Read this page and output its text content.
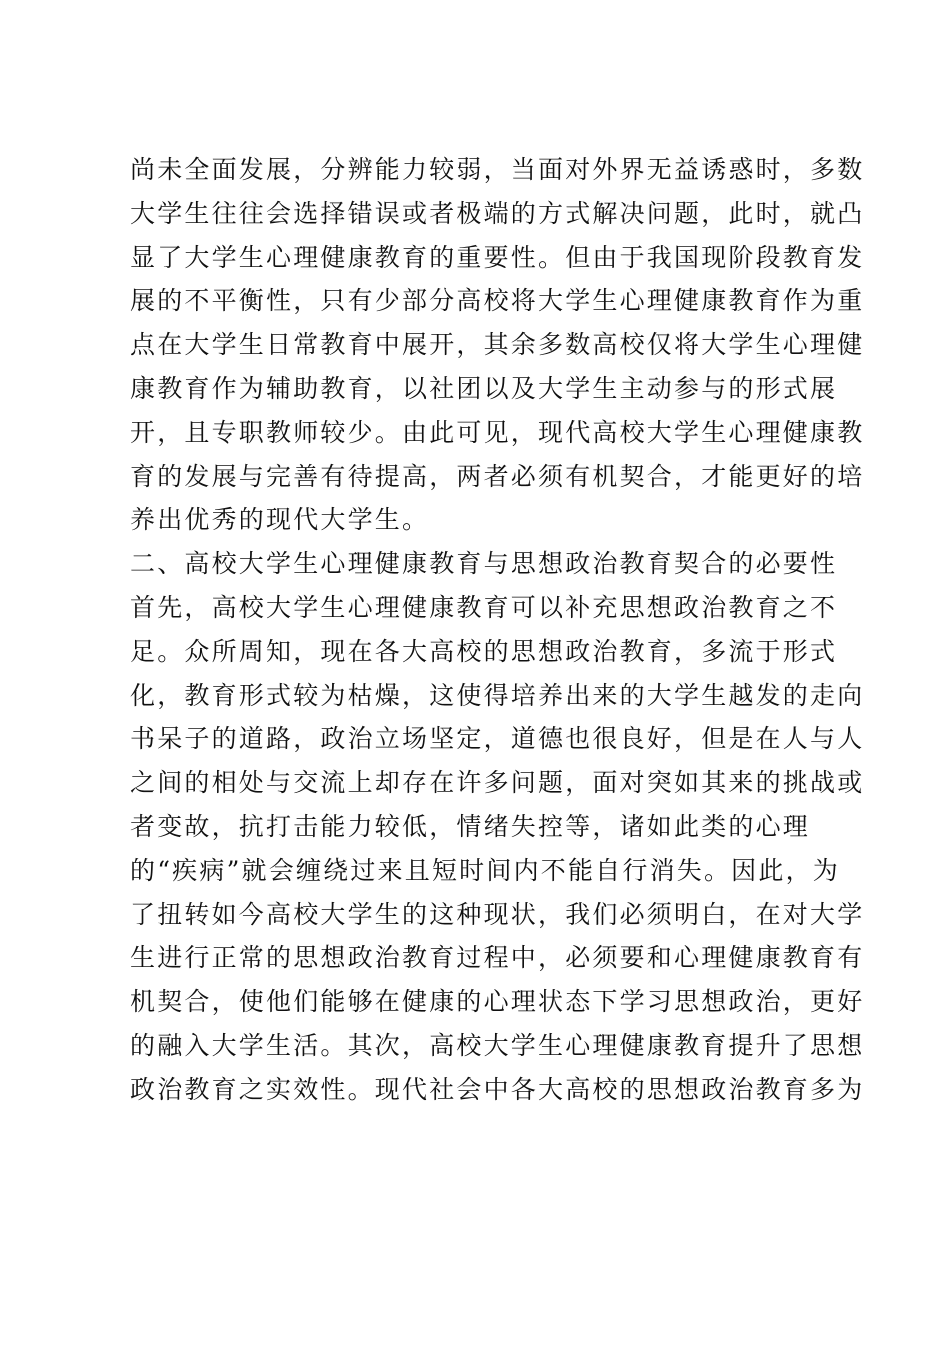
尚未全面发展，分辨能力较弱，当面对外界无益诱惑时，多数
大学生往往会选择错误或者极端的方式解决问题，此时，就凸
显了大学生心理健康教育的重要性。但由于我国现阶段教育发
展的不平衡性，只有少部分高校将大学生心理健康教育作为重
点在大学生日常教育中展开，其余多数高校仅将大学生心理健
康教育作为辅助教育，以社团以及大学生主动参与的形式展
开，且专职教师较少。由此可见，现代高校大学生心理健康教
育的发展与完善有待提高，两者必须有机契合，才能更好的培
养出优秀的现代大学生。
二、高校大学生心理健康教育与思想政治教育契合的必要性
首先，高校大学生心理健康教育可以补充思想政治教育之不
足。众所周知，现在各大高校的思想政治教育，多流于形式
化，教育形式较为枯燥，这使得培养出来的大学生越发的走向
书呆子的道路，政治立场坚定，道德也很良好，但是在人与人
之间的相处与交流上却存在许多问题，面对突如其来的挑战或
者变故，抗打击能力较低，情绪失控等，诸如此类的心理
的“疾病”就会缠绕过来且短时间内不能自行消失。因此，为
了扭转如今高校大学生的这种现状，我们必须明白，在对大学
生进行正常的思想政治教育过程中，必须要和心理健康教育有
机契合，使他们能够在健康的心理状态下学习思想政治，更好
的融入大学生活。其次，高校大学生心理健康教育提升了思想
政治教育之实效性。现代社会中各大高校的思想政治教育多为
